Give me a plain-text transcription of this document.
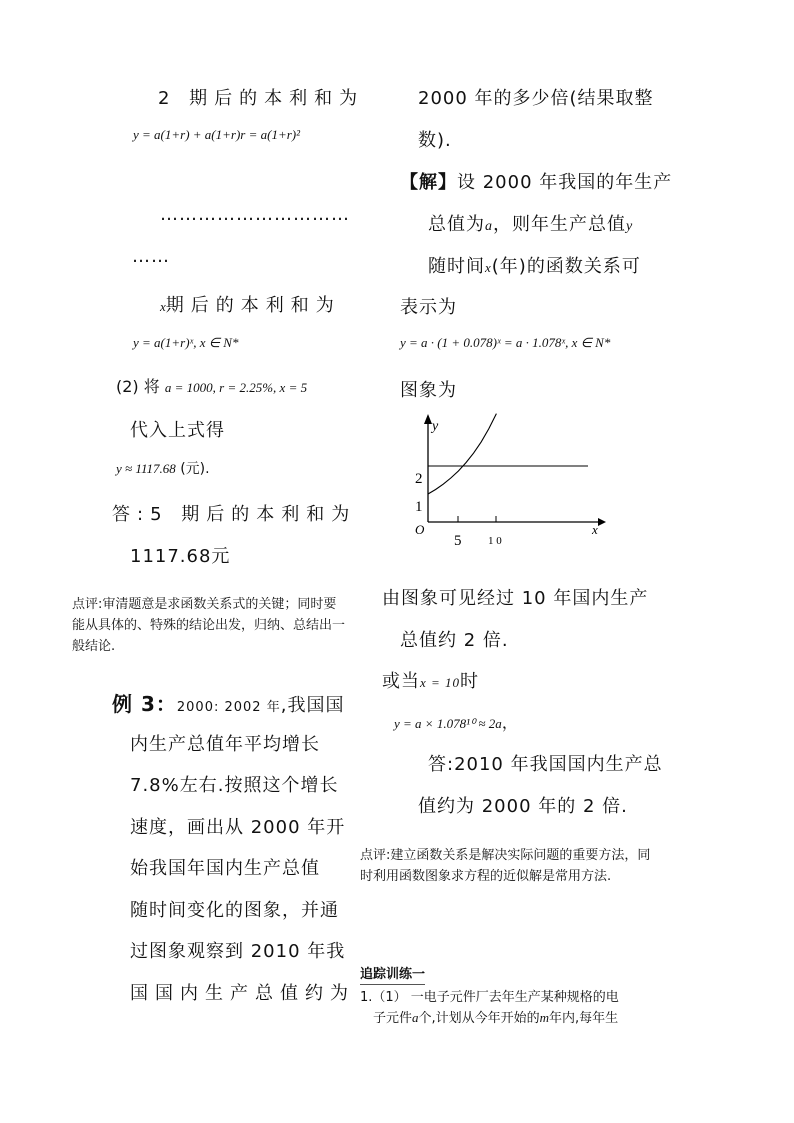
2 期后的本利和为
y = a(1+r) + a(1+r)r = a(1+r)²
…………………………
……
x期后的本利和为
y = a(1+r)ˣ, x ∈ N*
(2) 将 a = 1000, r = 2.25%, x = 5
代入上式得
y ≈ 1117.68 (元).
答:5 期后的本利和为
1117.68元
点评:审清题意是求函数关系式的关键；同时要能从具体的、特殊的结论出发，归纳、总结出一般结论.
例 3：2000: 2002 年,我国国
内生产总值年平均增长
7.8%左右.按照这个增长
速度，画出从 2000 年开
始我国年国内生产总值
随时间变化的图象，并通
过图象观察到 2010 年我
国国内生产总值约为
2000 年的多少倍(结果取整
数).
【解】设 2000 年我国的年生产
总值为a，则年生产总值y
随时间x(年)的函数关系可
表示为
y = a · (1 + 0.078)ˣ = a · 1.078ˣ, x ∈ N*
图象为
y
x
O
5 1 0
1
2
由图象可见经过 10 年国内生产
总值约 2 倍.
或当x = 10时
y = a × 1.078¹⁰ ≈ 2a，
答:2010 年我国国内生产总
值约为 2000 年的 2 倍.
点评:建立函数关系是解决实际问题的重要方法，同时利用函数图象求方程的近似解是常用方法.
追踪训练一
1.（1） 一电子元件厂去年生产某种规格的电
子元件a个,计划从今年开始的m年内,每年生
